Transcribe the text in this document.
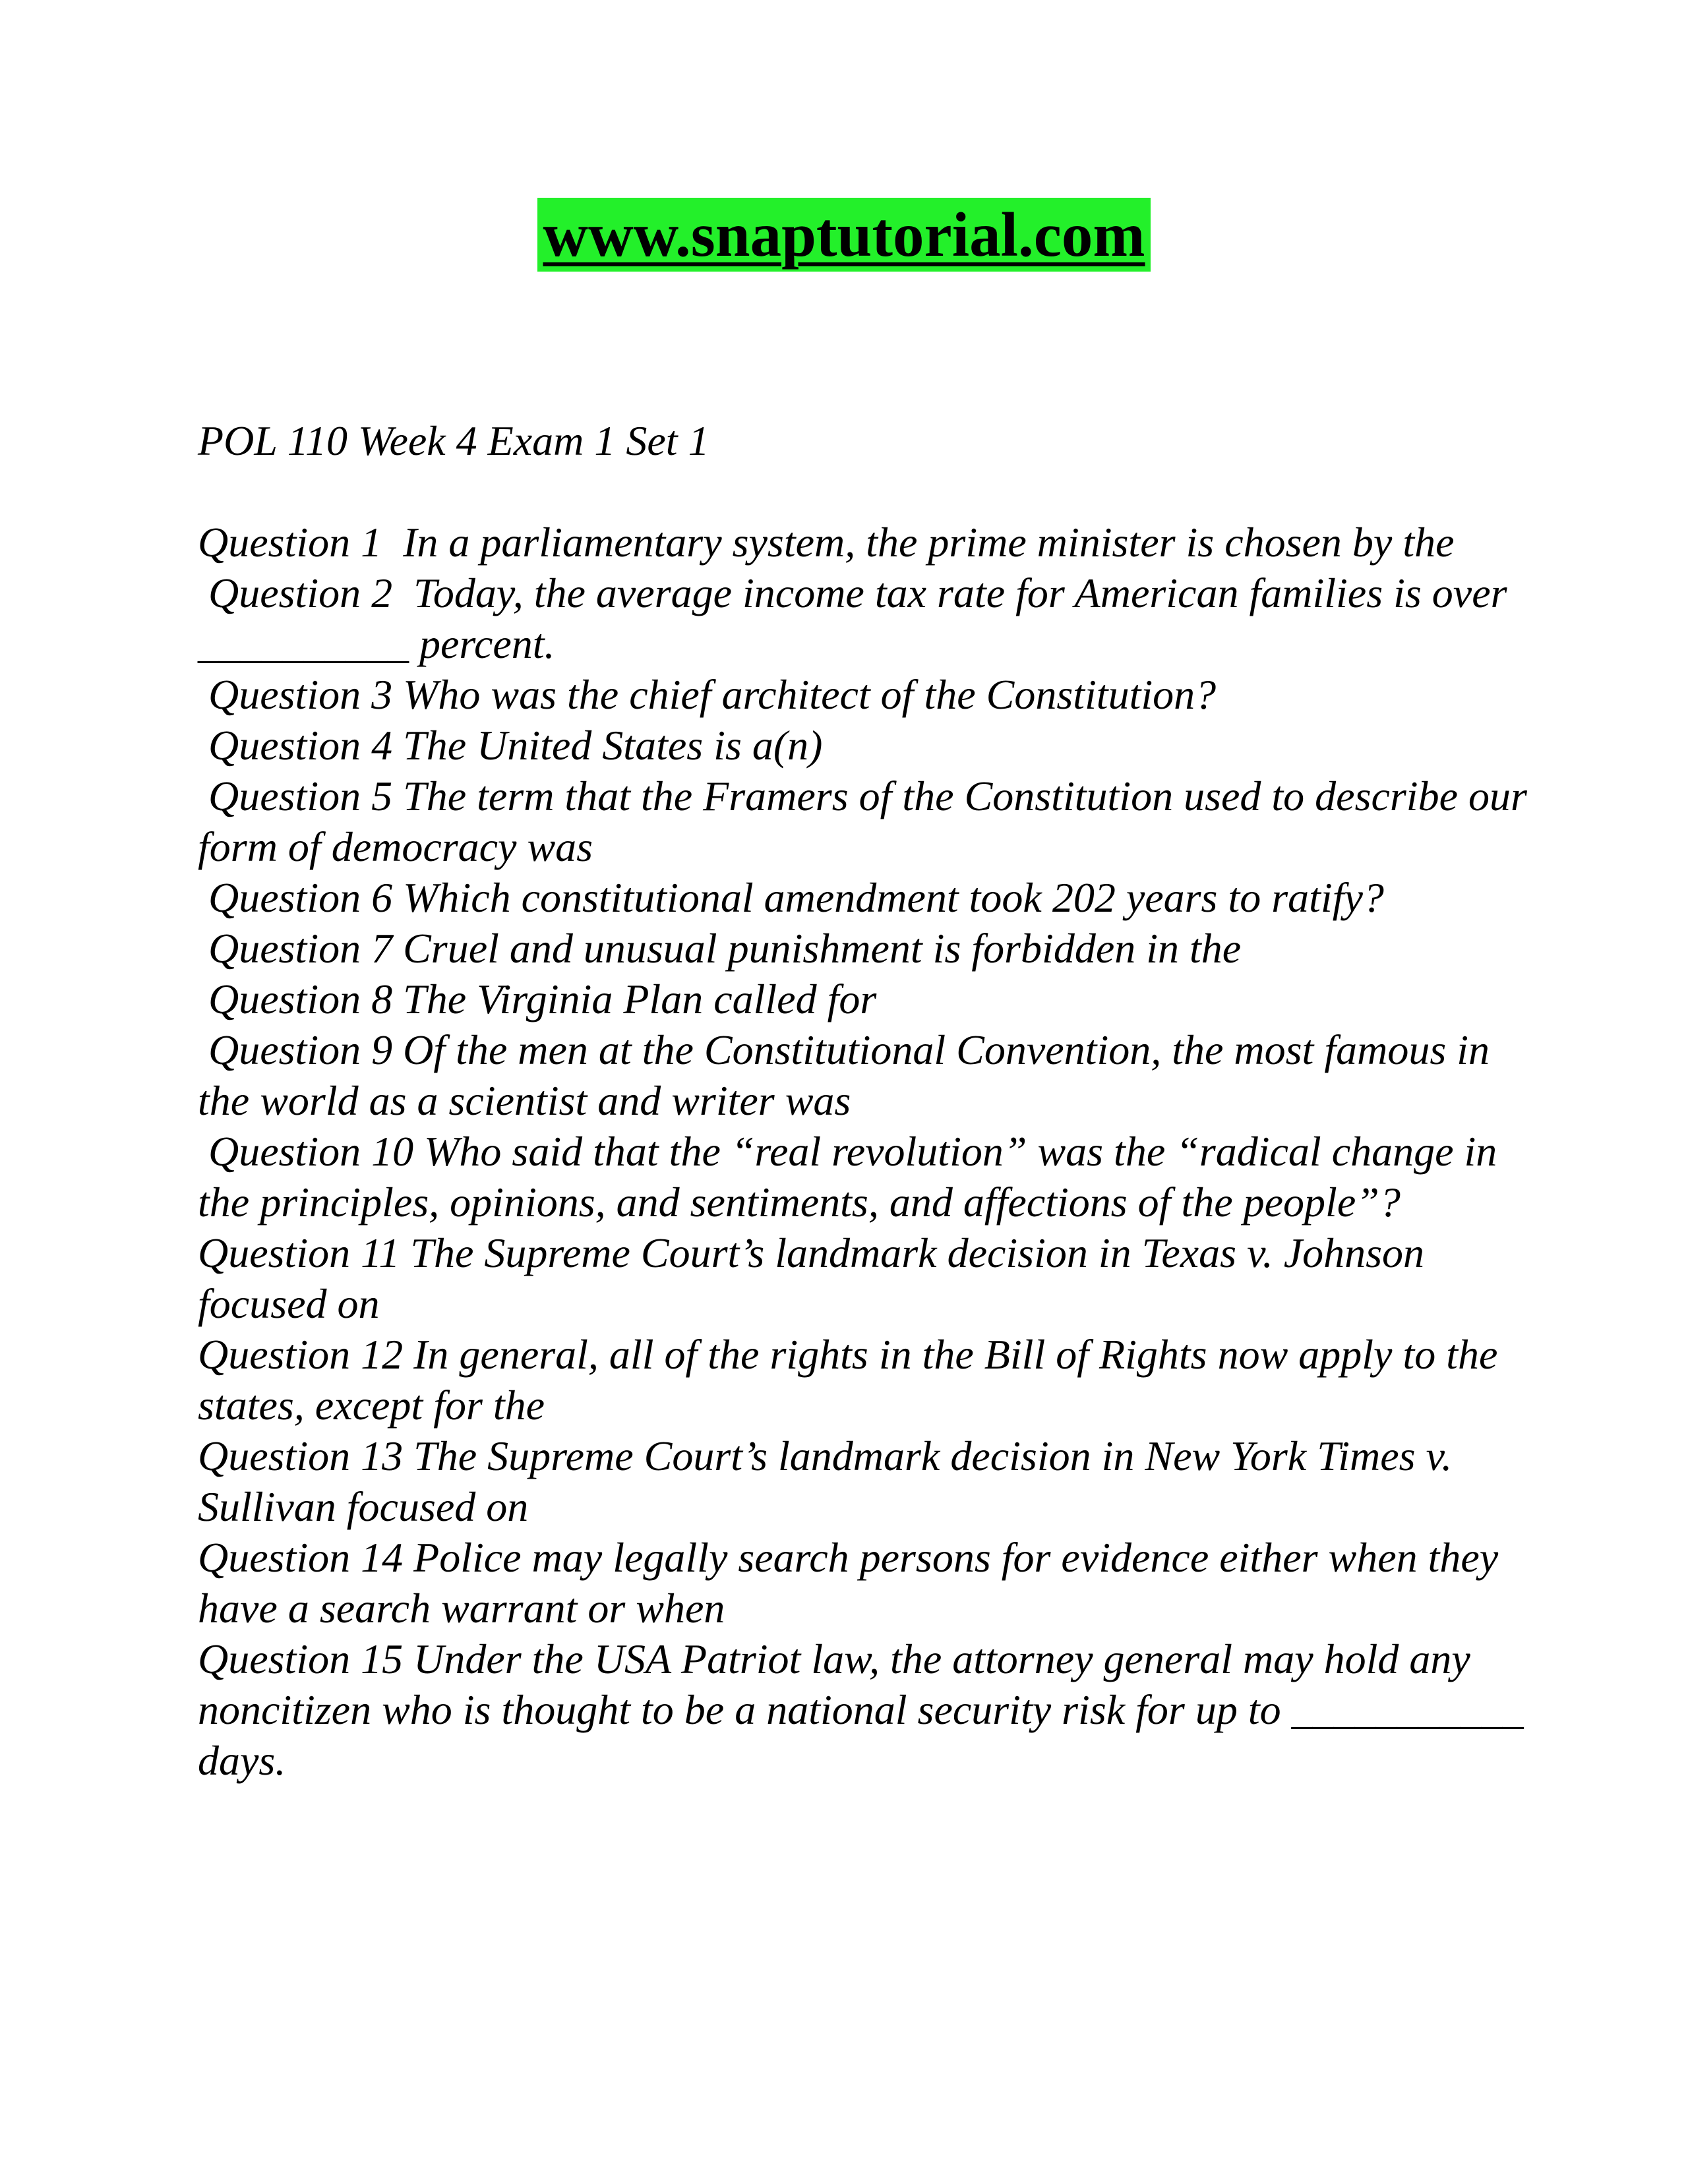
www.snaptutorial.com

POL 110 Week 4 Exam 1 Set 1

Question 1  In a parliamentary system, the prime minister is chosen by the

Question 2  Today, the average income tax rate for American families is over __________ percent.

Question 3 Who was the chief architect of the Constitution?

Question 4 The United States is a(n)

Question 5 The term that the Framers of the Constitution used to describe our form of democracy was

Question 6 Which constitutional amendment took 202 years to ratify?

Question 7 Cruel and unusual punishment is forbidden in the

Question 8 The Virginia Plan called for

Question 9 Of the men at the Constitutional Convention, the most famous in the world as a scientist and writer was

Question 10 Who said that the “real revolution” was the “radical change in the principles, opinions, and sentiments, and affections of the people”?

Question 11 The Supreme Court’s landmark decision in Texas v. Johnson focused on

Question 12 In general, all of the rights in the Bill of Rights now apply to the states, except for the

Question 13 The Supreme Court’s landmark decision in New York Times v. Sullivan focused on

Question 14 Police may legally search persons for evidence either when they have a search warrant or when

Question 15 Under the USA Patriot law, the attorney general may hold any noncitizen who is thought to be a national security risk for up to ___________ days.
